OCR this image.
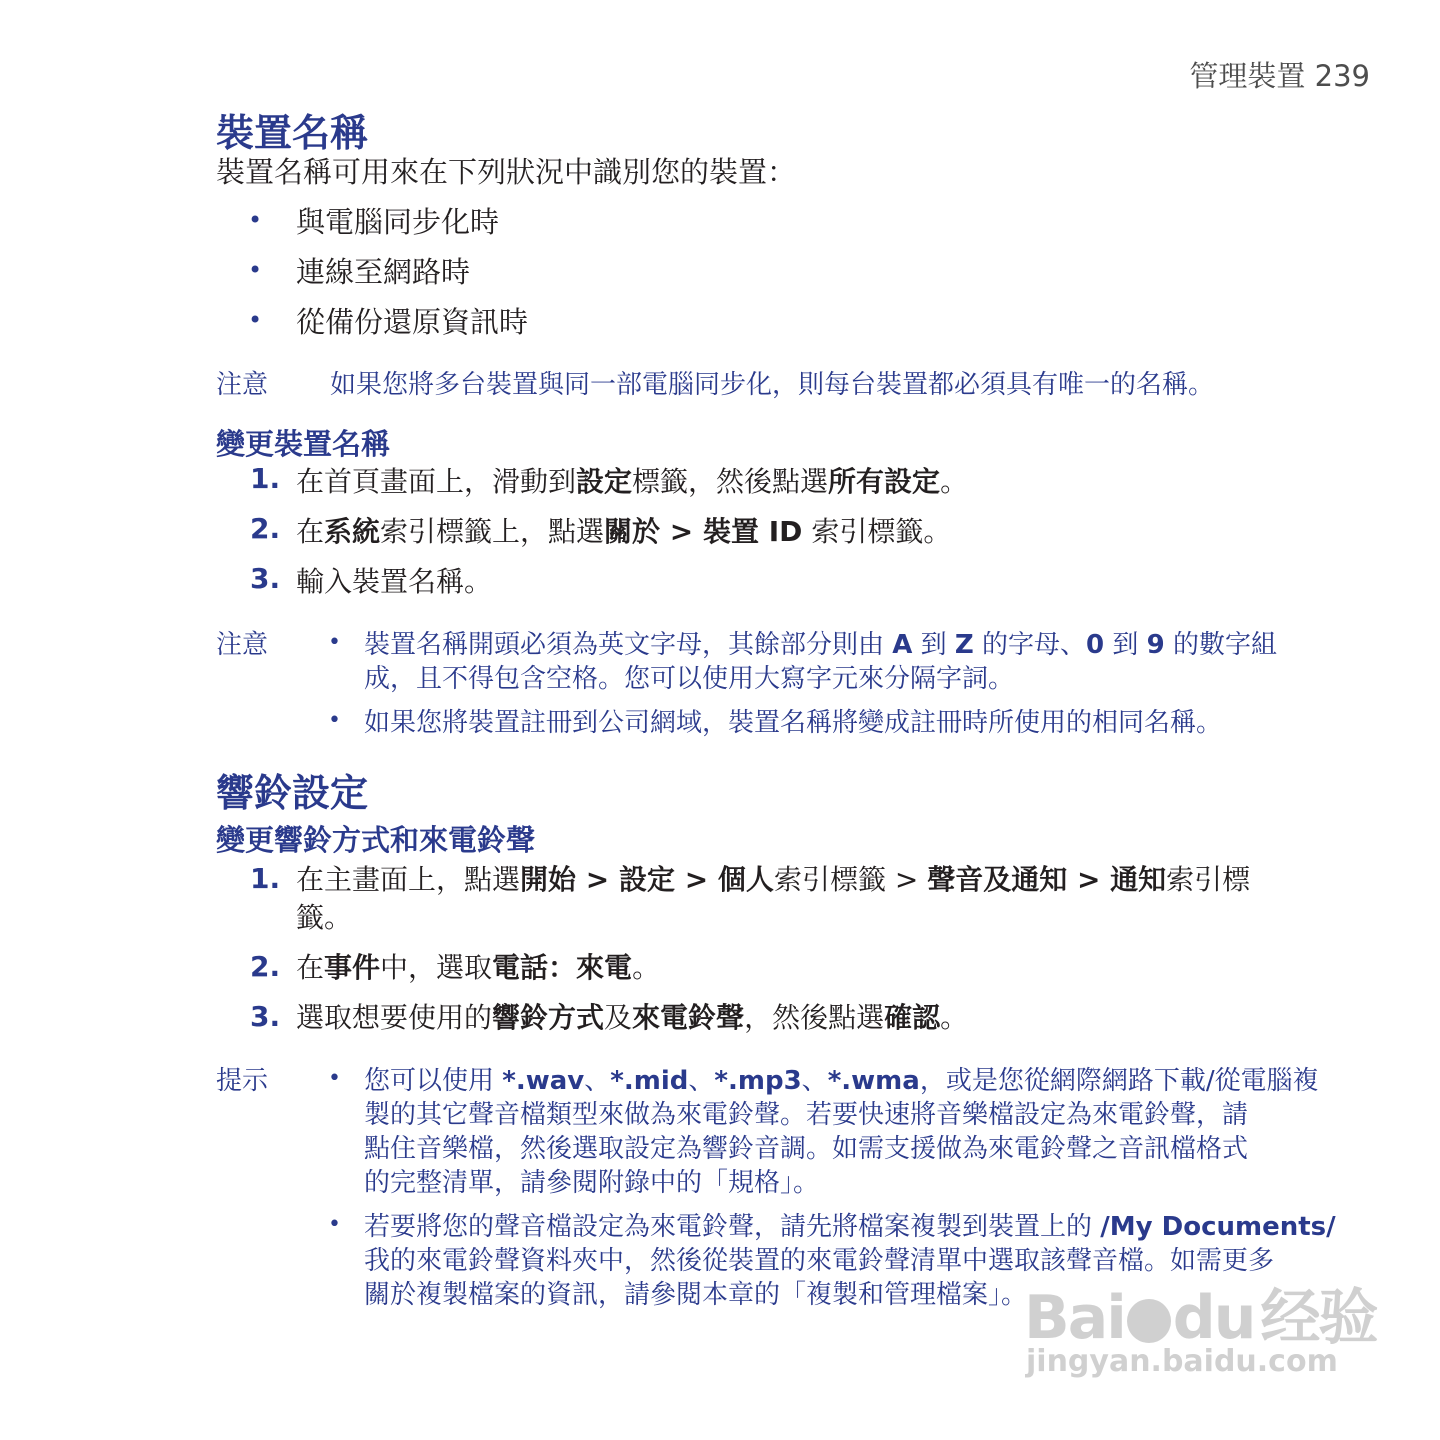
管理裝置 239
裝置名稱
裝置名稱可用來在下列狀況中識別您的裝置：
• 與電腦同步化時
• 連線至網路時
• 從備份還原資訊時
注意 如果您將多台裝置與同一部電腦同步化，則每台裝置都必須具有唯一的名稱。
變更裝置名稱
1. 在首頁畫面上，滑動到設定標籤，然後點選所有設定。
2. 在系統索引標籤上，點選關於 > 裝置 ID 索引標籤。
3. 輸入裝置名稱。
注意	• 裝置名稱開頭必須為英文字母，其餘部分則由 A 到 Z 的字母、0 到 9 的數字組
成，且不得包含空格。您可以使用大寫字元來分隔字詞。
• 如果您將裝置註冊到公司網域，裝置名稱將變成註冊時所使用的相同名稱。
響鈴設定
變更響鈴方式和來電鈴聲
1. 在主畫面上，點選開始 > 設定 > 個人索引標籤 > 聲音及通知 > 通知索引標
籤。
2. 在事件中，選取電話：來電。
3. 選取想要使用的響鈴方式及來電鈴聲，然後點選確認。
提示	• 您可以使用 *.wav、*.mid、*.mp3、*.wma，或是您從網際網路下載/從電腦複
製的其它聲音檔類型來做為來電鈴聲。若要快速將音樂檔設定為來電鈴聲，請
點住音樂檔，然後選取設定為響鈴音調。如需支援做為來電鈴聲之音訊檔格式
的完整清單，請參閱附錄中的「規格」。
• 若要將您的聲音檔設定為來電鈴聲，請先將檔案複製到裝置上的 /My Documents/
我的來電鈴聲資料夾中，然後從裝置的來電鈴聲清單中選取該聲音檔。如需更多
關於複製檔案的資訊，請參閱本章的「複製和管理檔案」。
Bai du 经验
jingyan.baidu.com
